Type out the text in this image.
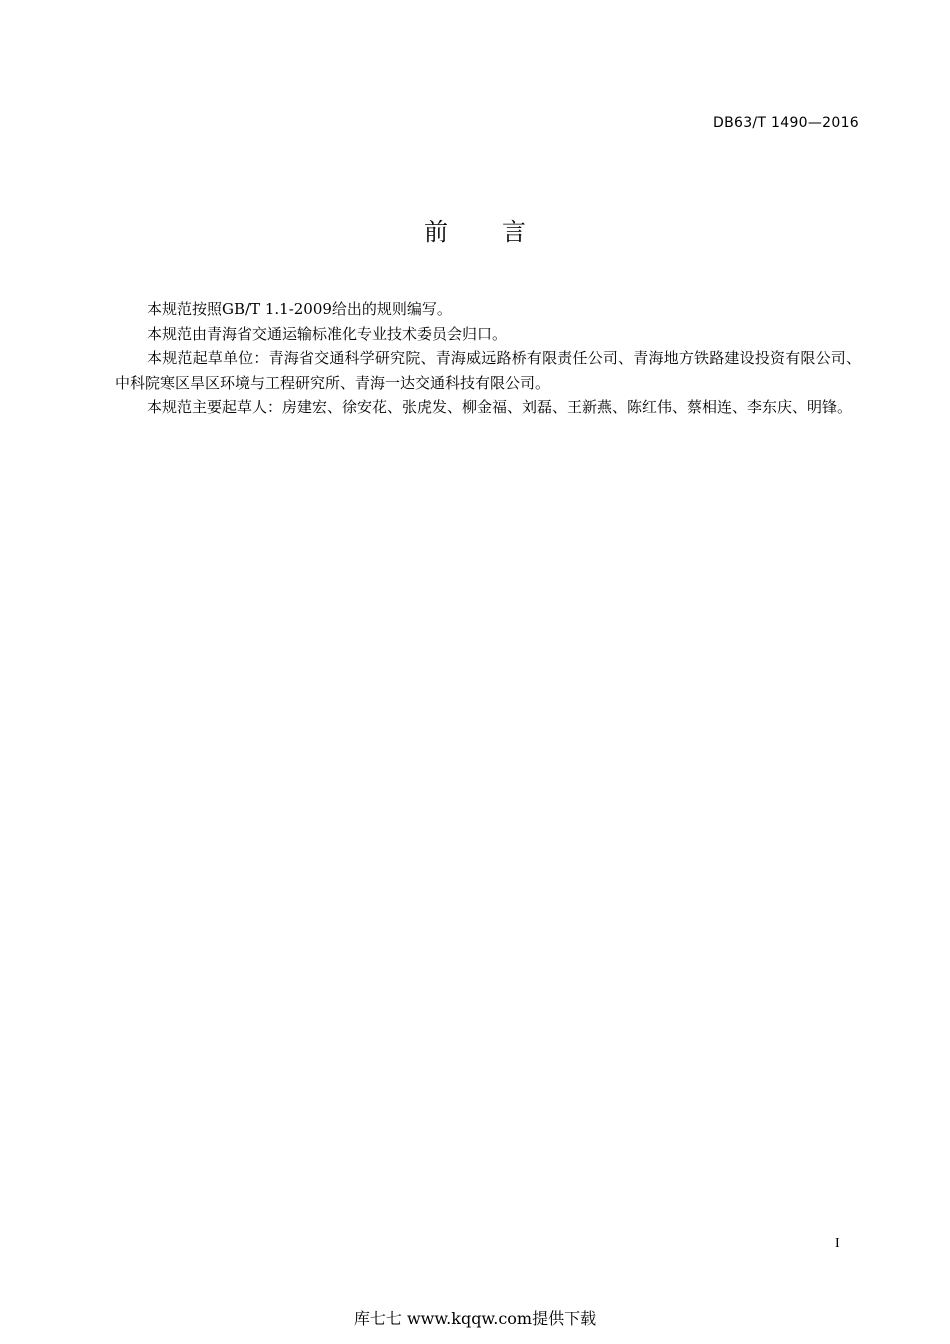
DB63/T 1490—2016
前言

本规范按照GB/T 1.1-2009给出的规则编写。

本规范由青海省交通运输标准化专业技术委员会归口。

本规范起草单位：青海省交通科学研究院、青海威远路桥有限责任公司、青海地方铁路建设投资有限公司、中科院寒区旱区环境与工程研究所、青海一达交通科技有限公司。

本规范主要起草人：房建宏、徐安花、张虎发、柳金福、刘磊、王新燕、陈红伟、蔡相连、李东庆、明锋。

I
库七七 www.kqqw.com提供下载
